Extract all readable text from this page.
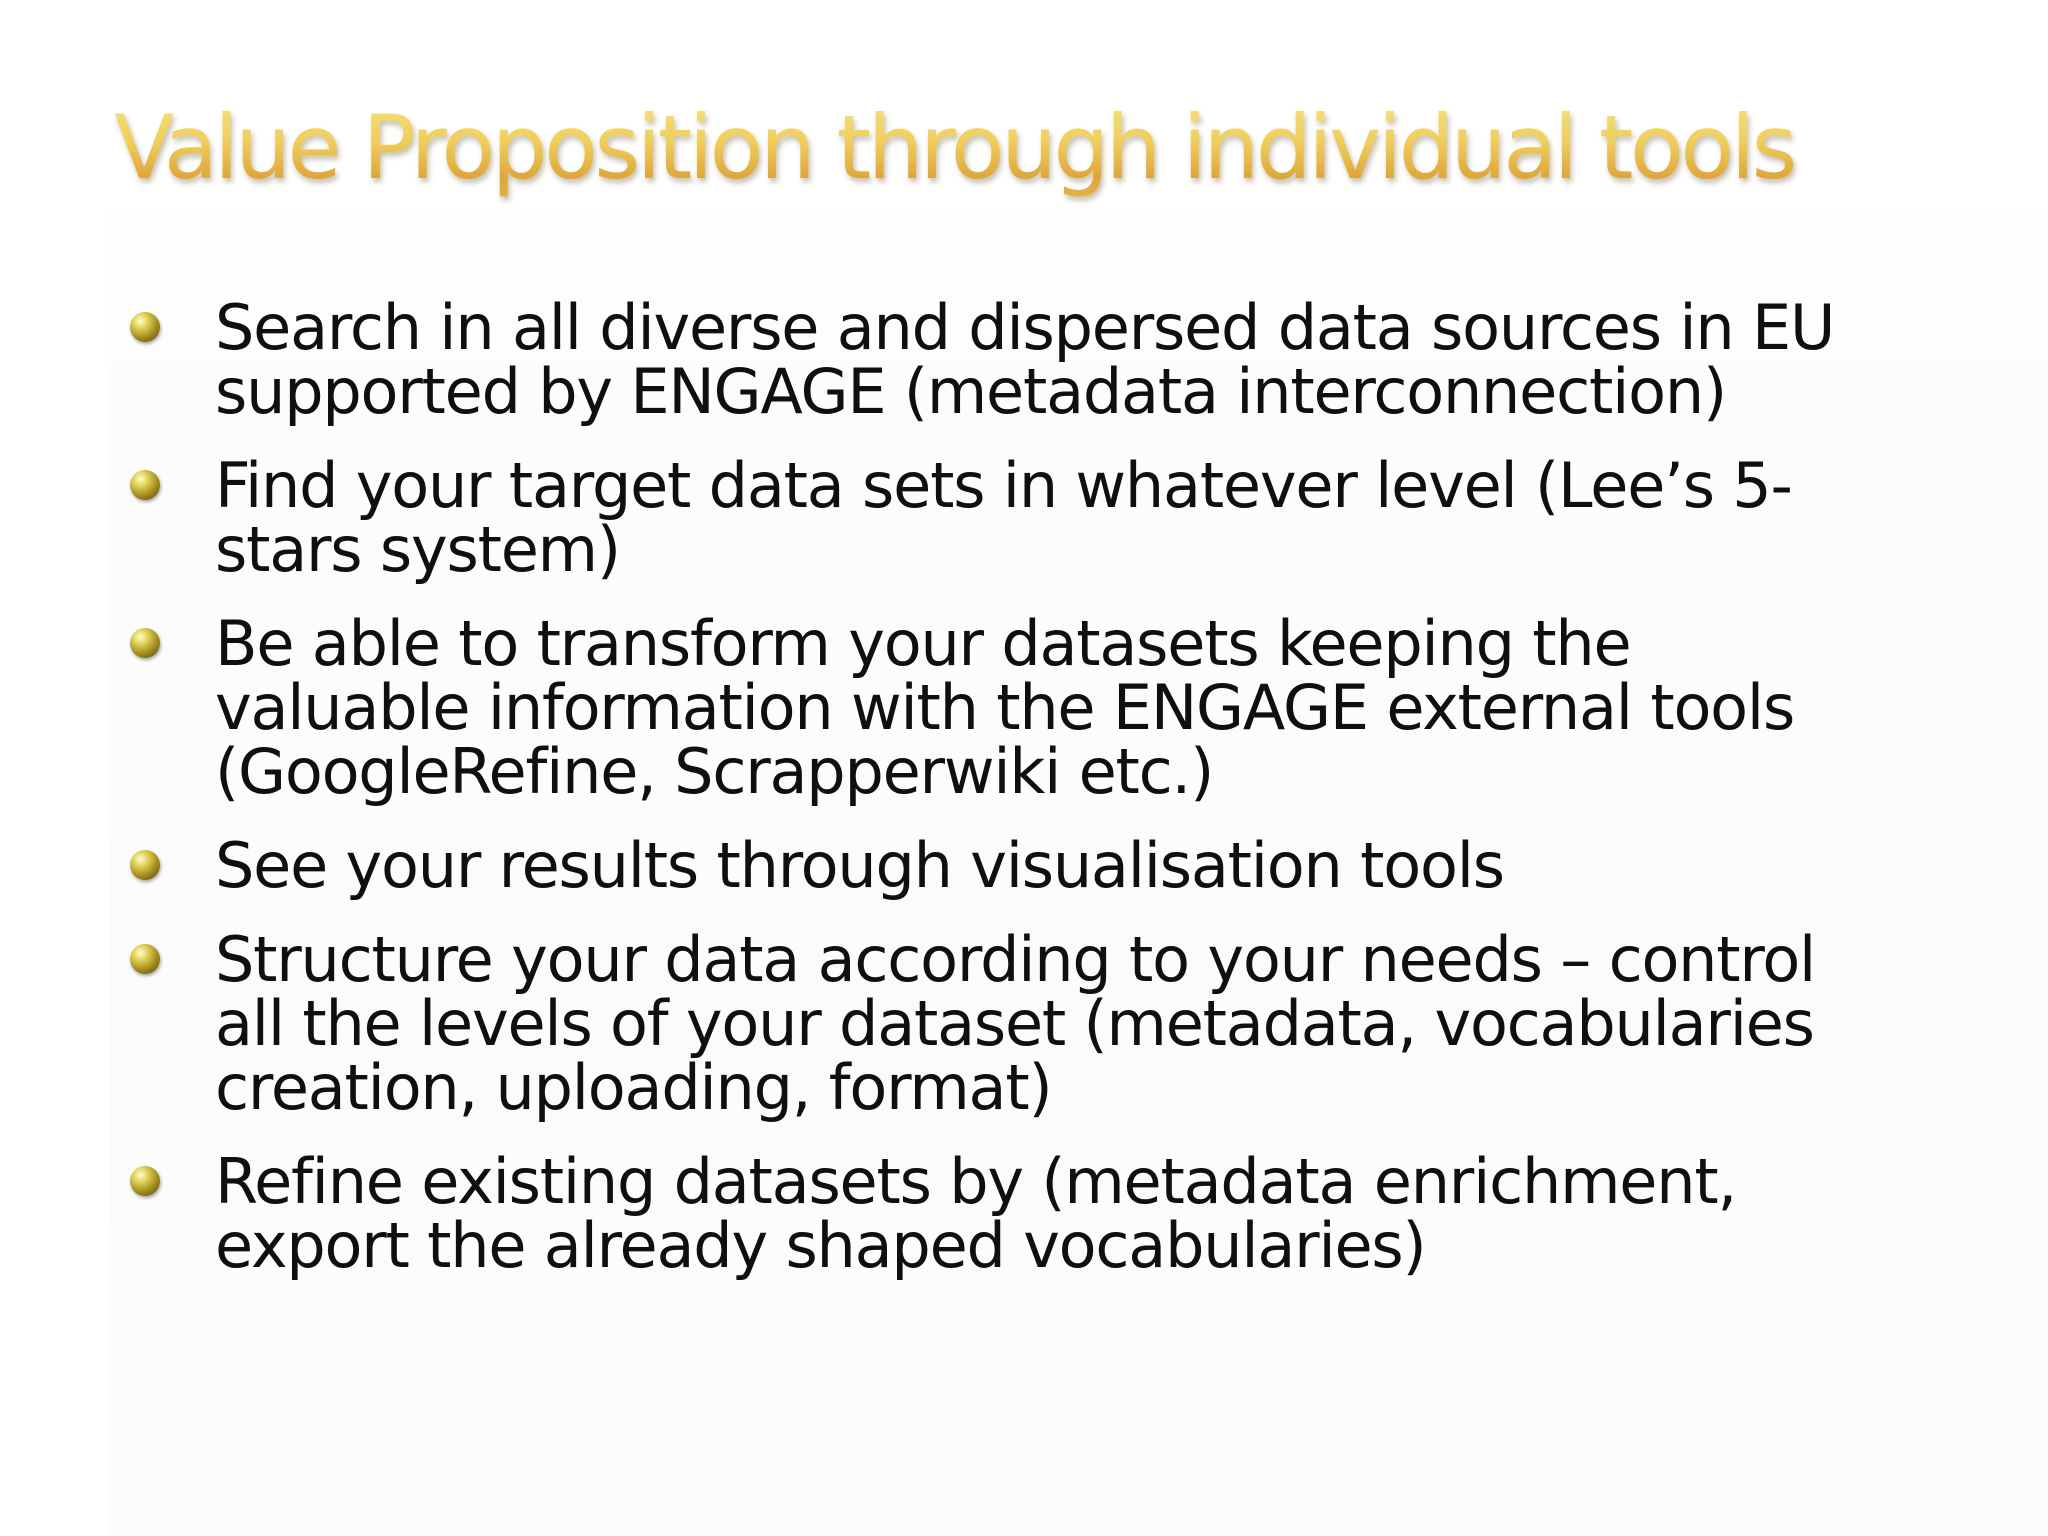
Value Proposition through individual tools
Search in all diverse and dispersed data sources in EU
supported by ENGAGE (metadata interconnection)
Find your target data sets in whatever level (Lee’s 5-
stars system)
Be able to transform your datasets keeping the
valuable information with the ENGAGE external tools
(GoogleRefine, Scrapperwiki etc.)
See your results through visualisation tools
Structure your data according to your needs – control
all the levels of your dataset (metadata, vocabularies
creation, uploading, format)
Refine existing datasets by (metadata enrichment,
export the already shaped vocabularies)
